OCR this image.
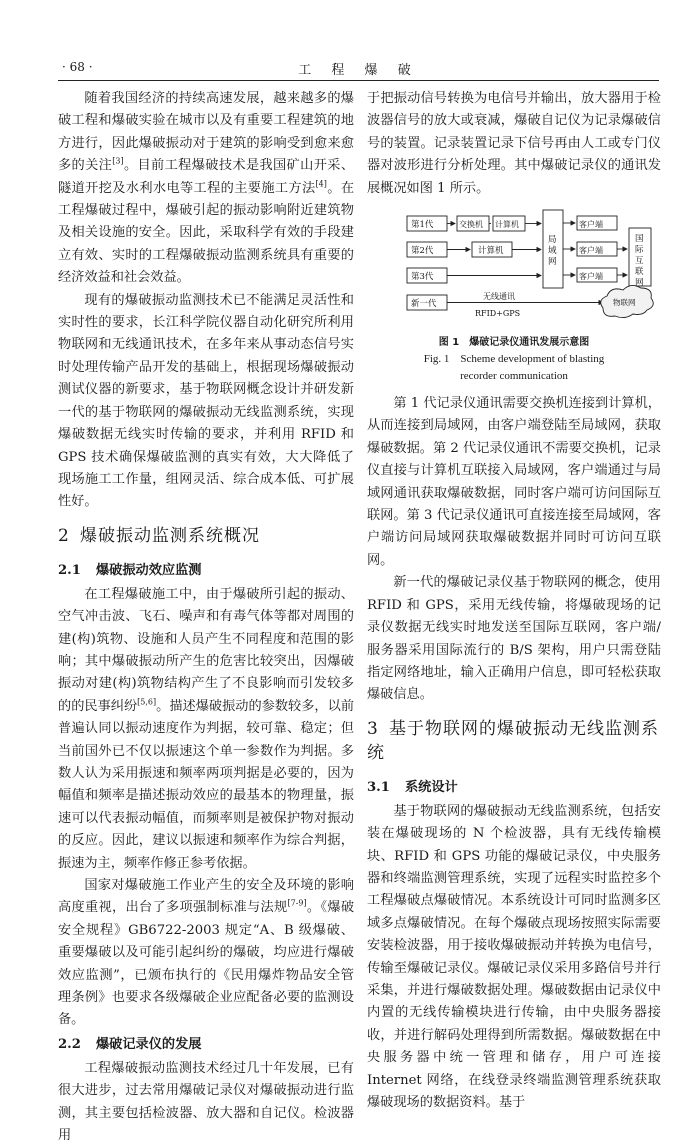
· 68 ·	工 程 爆 破

随着我国经济的持续高速发展，越来越多的爆破工程和爆破实验在城市以及有重要工程建筑的地方进行，因此爆破振动对于建筑的影响受到愈来愈多的关注[3]。目前工程爆破技术是我国矿山开采、隧道开挖及水利水电等工程的主要施工方法[4]。在工程爆破过程中，爆破引起的振动影响附近建筑物及相关设施的安全。因此，采取科学有效的手段建立有效、实时的工程爆破振动监测系统具有重要的经济效益和社会效益。

现有的爆破振动监测技术已不能满足灵活性和实时性的要求，长江科学院仪器自动化研究所利用物联网和无线通讯技术，在多年来从事动态信号实时处理传输产品开发的基础上，根据现场爆破振动测试仪器的新要求，基于物联网概念设计并研发新一代的基于物联网的爆破振动无线监测系统，实现爆破数据无线实时传输的要求，并利用 RFID 和 GPS 技术确保爆破监测的真实有效，大大降低了现场施工工作量，组网灵活、综合成本低、可扩展性好。

2 爆破振动监测系统概况
2.1 爆破振动效应监测

在工程爆破施工中，由于爆破所引起的振动、空气冲击波、飞石、噪声和有毒气体等都对周围的建(构)筑物、设施和人员产生不同程度和范围的影响；其中爆破振动所产生的危害比较突出，因爆破振动对建(构)筑物结构产生了不良影响而引发较多的的民事纠纷[5,6]。描述爆破振动的参数较多，以前普遍认同以振动速度作为判据，较可靠、稳定；但当前国外已不仅以振速这个单一参数作为判据。多数人认为采用振速和频率两项判据是必要的，因为幅值和频率是描述振动效应的最基本的物理量，振速可以代表振动幅值，而频率则是被保护物对振动的反应。因此，建议以振速和频率作为综合判据，振速为主，频率作修正参考依据。

国家对爆破施工作业产生的安全及环境的影响高度重视，出台了多项强制标准与法规[7-9]。《爆破安全规程》GB6722-2003 规定“A、B 级爆破、重要爆破以及可能引起纠纷的爆破，均应进行爆破效应监测”，已颁布执行的《民用爆炸物品安全管理条例》也要求各级爆破企业应配备必要的监测设备。

2.2 爆破记录仪的发展

工程爆破振动监测技术经过几十年发展，已有很大进步，过去常用爆破记录仪对爆破振动进行监测，其主要包括检波器、放大器和自记仪。检波器用

于把振动信号转换为电信号并输出，放大器用于检波器信号的放大或衰减，爆破自记仪为记录爆破信号的装置。记录装置记录下信号再由人工或专门仪器对波形进行分析处理。其中爆破记录仪的通讯发展概况如图 1 所示。

第1代
第2代
第3代
新一代
交换机 计算机
计算机
客户端
客户端
客户端
无线通讯
RFID+GPS
物联网
局
域
网
国
际
互
联
网
图 1　爆破记录仪通讯发展示意图
Fig. 1　Scheme development of blasting
recorder communication

第 1 代记录仪通讯需要交换机连接到计算机，从而连接到局域网，由客户端登陆至局域网，获取爆破数据。第 2 代记录仪通讯不需要交换机，记录仪直接与计算机互联接入局域网，客户端通过与局域网通讯获取爆破数据，同时客户端可访问国际互联网。第 3 代记录仪通讯可直接连接至局域网，客户端访问局域网获取爆破数据并同时可访问互联网。

新一代的爆破记录仪基于物联网的概念，使用 RFID 和 GPS，采用无线传输，将爆破现场的记录仪数据无线实时地发送至国际互联网，客户端/服务器采用国际流行的 B/S 架构，用户只需登陆指定网络地址，输入正确用户信息，即可轻松获取爆破信息。

3 基于物联网的爆破振动无线监测系统
3.1 系统设计

基于物联网的爆破振动无线监测系统，包括安装在爆破现场的 N 个检波器，具有无线传输模块、RFID 和 GPS 功能的爆破记录仪，中央服务器和终端监测管理系统，实现了远程实时监控多个工程爆破点爆破情况。本系统设计可同时监测多区域多点爆破情况。在每个爆破点现场按照实际需要安装检波器，用于接收爆破振动并转换为电信号，传输至爆破记录仪。爆破记录仪采用多路信号并行采集，并进行爆破数据处理。爆破数据由记录仪中内置的无线传输模块进行传输，由中央服务器接收，并进行解码处理得到所需数据。爆破数据在中央服务器中统一管理和储存，用户可连接 Internet 网络，在线登录终端监测管理系统获取爆破现场的数据资料。基于
